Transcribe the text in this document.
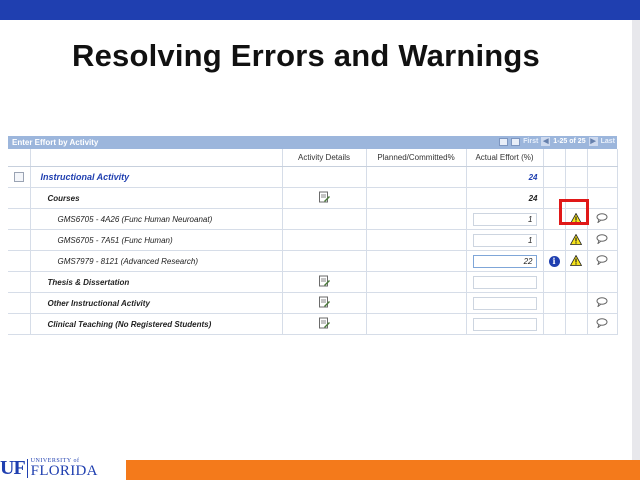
Resolving Errors and Warnings
Enter Effort by Activity	First ◀ 1-25 of 25 ▶ Last
		Activity Details	Planned/Committed%	Actual Effort (%)			
	Instructional Activity			24			
	Courses			24			
	GMS6705 - 4A26 (Func Human Neuroanat)			1			
	GMS6705 - 7A51 (Func Human)			1			
	GMS7979 - 8121 (Advanced Research)			22	i		
	Thesis & Dissertation						
	Other Instructional Activity						
	Clinical Teaching (No Registered Students)						
UF UNIVERSITY of
FLORIDA
